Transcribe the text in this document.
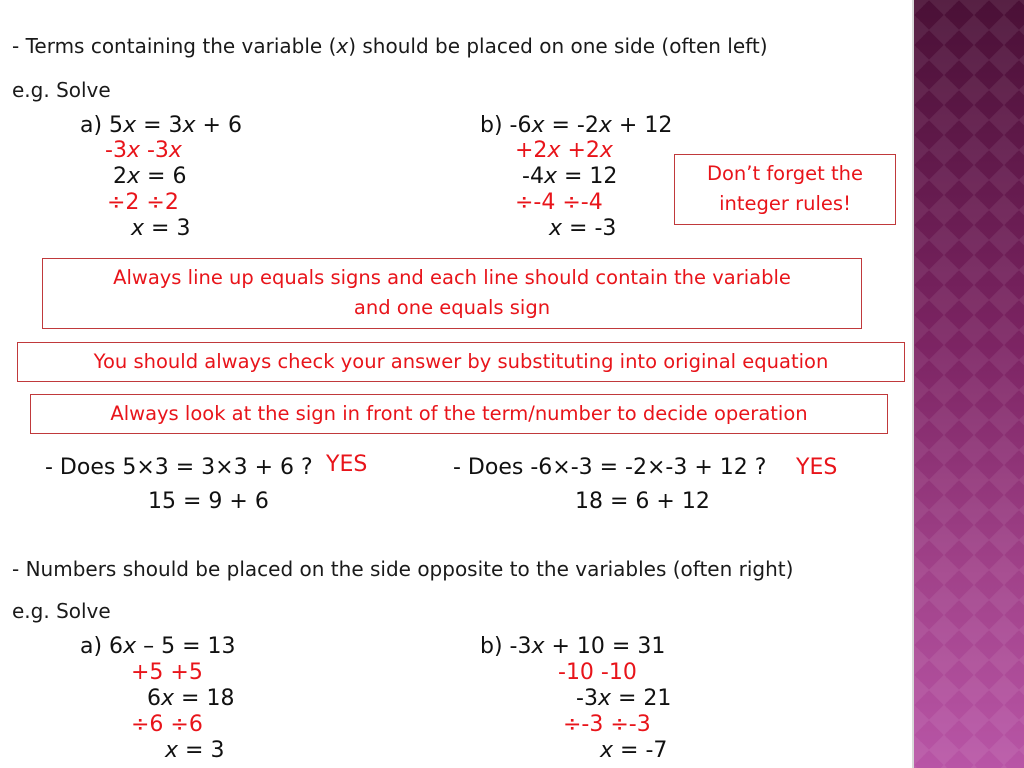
- Terms containing the variable (x) should be placed on one side (often left)
e.g. Solve
a) 5x = 3x + 6
-3x -3x
2x = 6
÷2 ÷2
x = 3
b) -6x = -2x + 12
+2x +2x
-4x = 12
÷-4 ÷-4
x = -3
Don’t forget the
integer rules!
Always line up equals signs and each line should contain the variable
and one equals sign
You should always check your answer by substituting into original equation
Always look at the sign in front of the term/number to decide operation
- Does 5×3 = 3×3 + 6 ? YES
15 = 9 + 6
- Does -6×-3 = -2×-3 + 12 ? YES
18 = 6 + 12
- Numbers should be placed on the side opposite to the variables (often right)
e.g. Solve
a) 6x – 5 = 13
+5 +5
6x = 18
÷6 ÷6
x = 3
b) -3x + 10 = 31
-10 -10
-3x = 21
÷-3 ÷-3
x = -7
